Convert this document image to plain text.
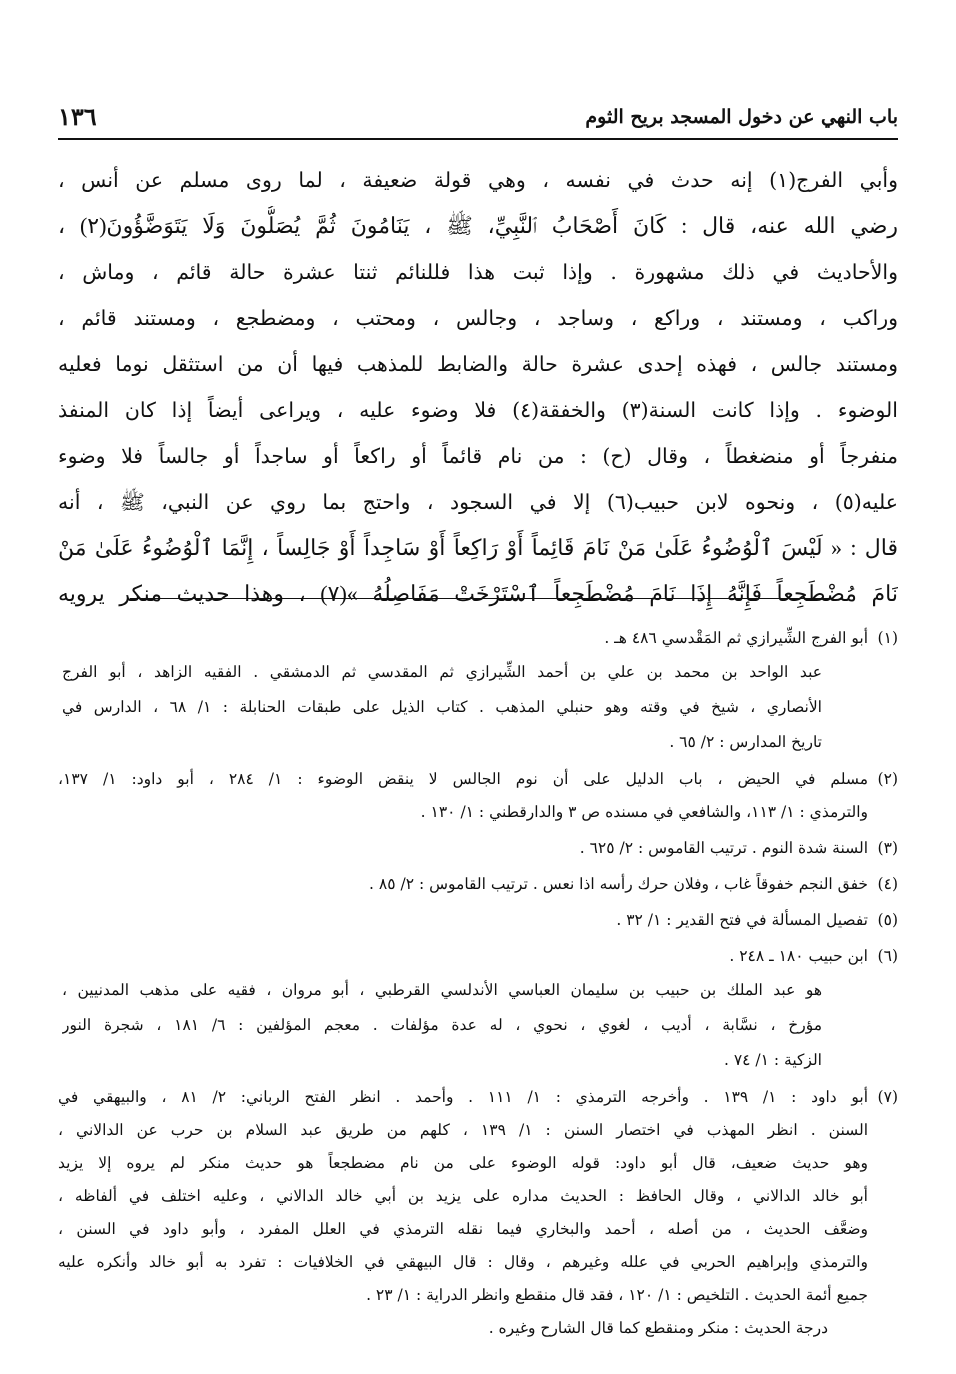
باب النهي عن دخول المسجد بريح الثوم
١٣٦
وأبي الفرج(١) إنه حدث في نفسه ، وهي قولة ضعيفة ، لما روى مسلم عن أنس ،
رضي الله عنه، قال : كَانَ أَصْحَابُ ٱلنَّبِيِّ، ﷺ ، يَنَامُونَ ثُمَّ يُصَلُّونَ وَلَا يَتَوَضَّؤُونَ(٢) ،
والأحاديث في ذلك مشهورة . وإذا ثبت هذا فللنائم ثنتا عشرة حالة قائم ، وماش ،
وراكب ، ومستند ، وراكع ، وساجد ، وجالس ، ومحتب ، ومضطجع ، ومستند قائم ،
ومستند جالس ، فهذه إحدى عشرة حالة والضابط للمذهب فيها أن من استثقل نوما فعليه
الوضوء . وإذا كانت السنة(٣) والخفقة(٤) فلا وضوء عليه ، ويراعى أيضاً إذا كان المنفذ
منفرجاً أو منضغطاً ، وقال (ح) : من نام قائماً أو راكعاً أو ساجداً أو جالساً فلا وضوء
عليه(٥) ، ونحوه لابن حبيب(٦) إلا في السجود ، واحتج بما روي عن النبي، ﷺ ، أنه
قال : « لَيْسَ ٱلْوُضُوءُ عَلَىٰ مَنْ نَامَ قَائِماً أَوْ رَاكِعاً أَوْ سَاجِداً أَوْ جَالِساً ، إِنَّمَا ٱلْوُضُوءُ عَلَىٰ مَنْ
نَامَ مُضْطَجِعاً فَإِنَّهُ إِذَا نَامَ مُضْطَجِعاً ٱسْتَرْخَتْ مَفَاصِلُهُ »(٧) ، وهذا حديث منكر يرويه
(١)
أبو الفرج الشِّيرازي ثم المَقْدسي ٤٨٦ هـ .
عبد الواحد بن محمد بن علي بن أحمد الشِّيرازي ثم المقدسي ثم الدمشقي . الفقيه الزاهد ، أبو الفرج
الأنصاري ، شيخ في وقته وهو حنبلي المذهب . كتاب الذيل على طبقات الحنابلة : ١/ ٦٨ ، الدارس في
تاريخ المدارس : ٢/ ٦٥ .
(٢)
مسلم في الحيض ، باب الدليل على أن نوم الجالس لا ينقض الوضوء : ١/ ٢٨٤ ، أبو داود: ١/ ١٣٧،
والترمذي : ١/ ١١٣، والشافعي في مسنده ص ٣ والدارقطني : ١/ ١٣٠ .
(٣)
السنة شدة النوم . ترتيب القاموس : ٢/ ٦٢٥ .
(٤)
خفق النجم خفوقاً غاب ، وفلان حرك رأسه اذا نعس . ترتيب القاموس : ٢/ ٨٥ .
(٥)
تفصيل المسألة في فتح القدير : ١/ ٣٢ .
(٦)
ابن حبيب ١٨٠ ـ ٢٤٨ .
هو عبد الملك بن حبيب بن سليمان العباسي الأندلسي القرطبي ، أبو مروان ، فقيه على مذهب المدنيين ،
مؤرخ ، نسَّابة ، أديب ، لغوي ، نحوي ، له عدة مؤلفات . معجم المؤلفين : ٦/ ١٨١ ، شجرة النور
الزكية : ١/ ٧٤ .
(٧)
أبو داود : ١/ ١٣٩ . وأخرجه الترمذي : ١/ ١١١ . وأحمد . انظر الفتح الرباني: ٢/ ٨١ ، والبيهقي في
السنن . انظر المهذب في اختصار السنن : ١/ ١٣٩ ، كلهم من طريق عبد السلام بن حرب عن الدالاني ،
وهو حديث ضعيف، قال أبو داود: قوله الوضوء على من نام مضطجعاً هو حديث منكر لم يروه إلا يزيد
أبو خالد الدالاني ، وقال الحافظ : الحديث مداره على يزيد بن أبي خالد الدالاني ، وعليه اختلف في ألفاظه ،
وضعَّف الحديث ، من أصله ، أحمد والبخاري فيما نقله الترمذي في العلل المفرد ، وأبو داود في السنن ،
والترمذي وإبراهيم الحربي في علله وغيرهم ، وقال : قال البيهقي في الخلافيات : تفرد به أبو خالد وأنكره عليه
جميع أئمة الحديث . التلخيص : ١/ ١٢٠ ، فقد قال منقطع وانظر الدراية : ١/ ٢٣ .
درجة الحديث : منكر ومنقطع كما قال الشارح وغيره .
